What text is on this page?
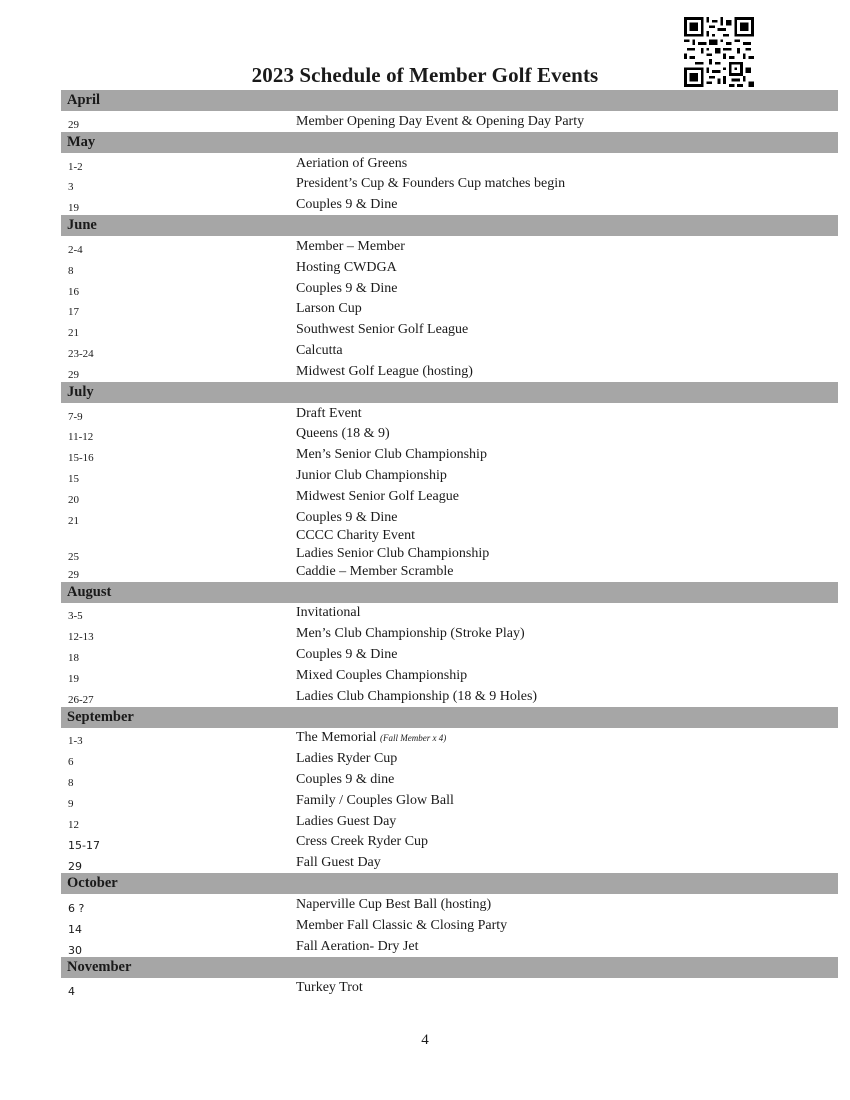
2023 Schedule of Member Golf Events
April
29	Member Opening Day Event & Opening Day Party
May
1-2	Aeriation of Greens
3	President’s Cup & Founders Cup matches begin
19	Couples 9 & Dine
June
2-4	Member – Member
8	Hosting CWDGA
16	Couples 9 & Dine
17	Larson Cup
21	Southwest Senior Golf League
23-24	Calcutta
29	Midwest Golf League (hosting)
July
7-9	Draft Event
11-12	Queens (18 & 9)
15-16	Men’s Senior Club Championship
15	Junior Club Championship
20	Midwest Senior Golf League
21	Couples 9 & Dine
CCCC Charity Event
25	Ladies Senior Club Championship
29	Caddie – Member Scramble
August
3-5	Invitational
12-13	Men’s Club Championship (Stroke Play)
18	Couples 9 & Dine
19	Mixed Couples Championship
26-27	Ladies Club Championship (18 & 9 Holes)
September
1-3	The Memorial (Fall Member x 4)
6	Ladies Ryder Cup
8	Couples 9 & dine
9	Family / Couples Glow Ball
12	Ladies Guest Day
15-17	Cress Creek Ryder Cup
29	Fall Guest Day
October
6 ?	Naperville Cup Best Ball (hosting)
14	Member Fall Classic & Closing Party
30	Fall Aeration- Dry Jet
November
4	Turkey Trot
4
